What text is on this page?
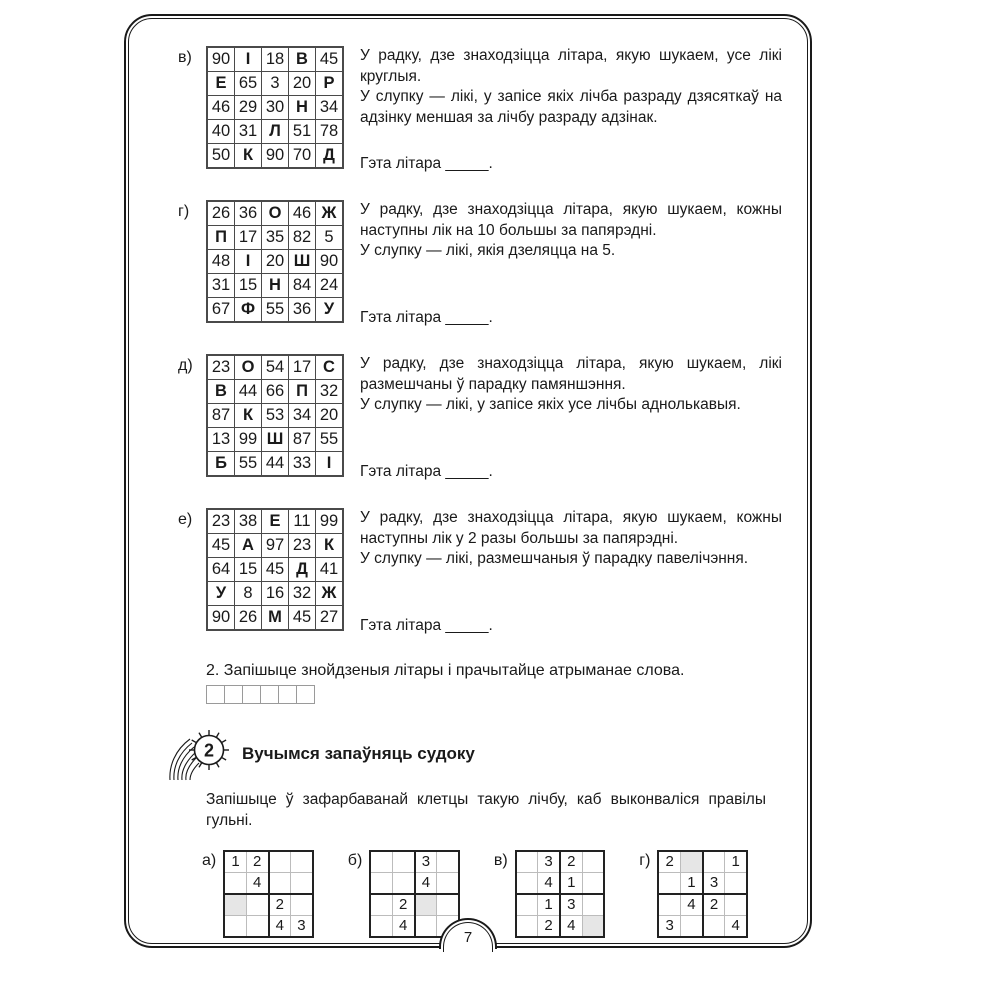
в)	90	І	18	В	45
Е	65	3	20	Р
46	29	30	Н	34
40	31	Л	51	78
50	К	90	70	Д
У радку, дзе знаходзіцца літара, якую шукаем, усе лікі круглыя.
У слупку — лікі, у запісе якіх лічба разраду дзясяткаў на адзінку меншая за лічбу разраду адзінак.
Гэта літара _____.
г)	26	36	О	46	Ж
П	17	35	82	5
48	І	20	Ш	90
31	15	Н	84	24
67	Ф	55	36	У
У радку, дзе знаходзіцца літара, якую шукаем, кожны наступны лік на 10 большы за папярэдні.
У слупку — лікі, якія дзеляцца на 5.
Гэта літара _____.
д)	23	О	54	17	С
В	44	66	П	32
87	К	53	34	20
13	99	Ш	87	55
Б	55	44	33	І
У радку, дзе знаходзіцца літара, якую шукаем, лікі размешчаны ў парадку памяншэння.
У слупку — лікі, у запісе якіх усе лічбы аднолькавыя.
Гэта літара _____.
е)	23	38	Е	11	99
45	А	97	23	К
64	15	45	Д	41
У	8	16	32	Ж
90	26	М	45	27
У радку, дзе знаходзіцца літара, якую шукаем, кожны наступны лік у 2 разы большы за папярэдні.
У слупку — лікі, размешчаныя ў парадку павелічэння.
Гэта літара _____.
2. Запішыце знойдзеныя літары і прачытайце атрыманае слова.
2 Вучымся запаўняць судоку
Запішыце ў зафарбаванай клетцы такую лічбу, каб выконваліся правілы гульні.
а) 1	2		
	4		
		2	
		4	3
б)
			3	
		4	
	2		
	4		
в)
	3	2	
	4	1	
	1	3	
	2	4	
г) 2			1
	1	3	
	4	2	
3			4
7
